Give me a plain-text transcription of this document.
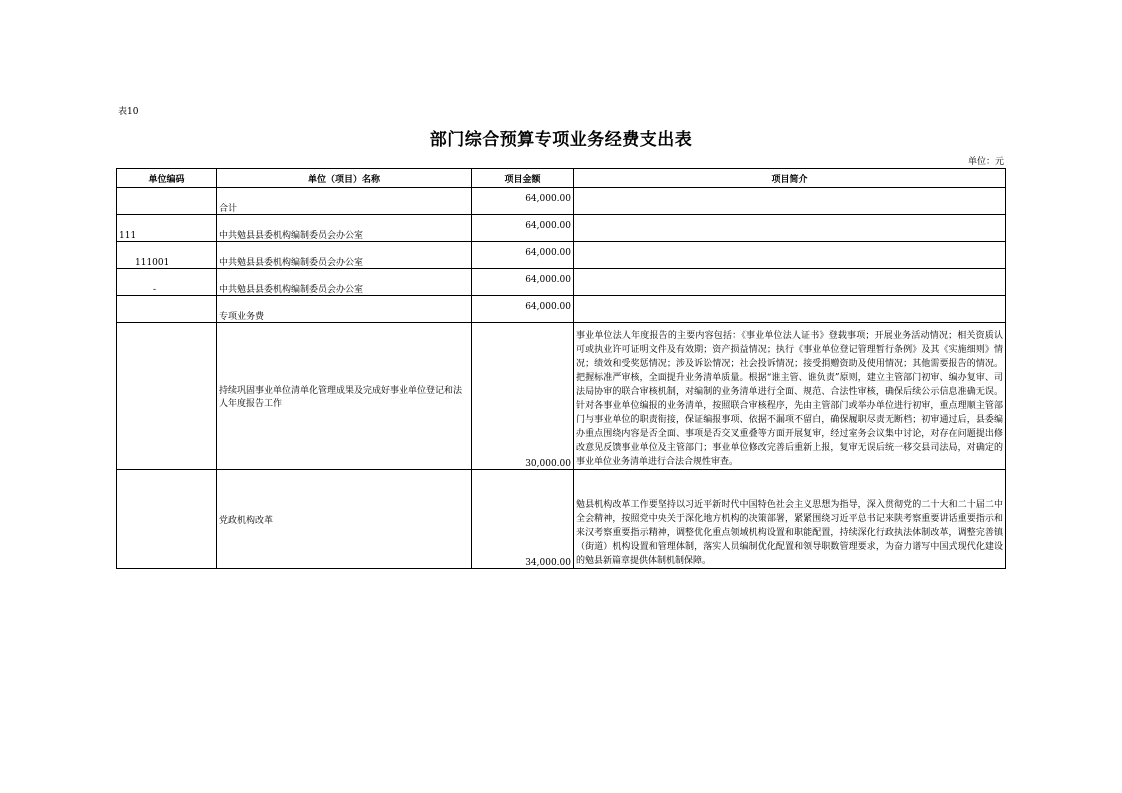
表10
部门综合预算专项业务经费支出表
单位：元
单位编码	单位（项目）名称	项目金额	项目简介
	合计	64,000.00	
111	中共勉县县委机构编制委员会办公室	64,000.00	
111001	中共勉县县委机构编制委员会办公室	64,000.00	
-	中共勉县县委机构编制委员会办公室	64,000.00	
	专项业务费	64,000.00	
	持续巩固事业单位清单化管理成果及完成好事业单位登记和法人年度报告工作	30,000.00	事业单位法人年度报告的主要内容包括：《事业单位法人证书》登载事项；开展业务活动情况；相关资质认可或执业许可证明文件及有效期；资产损益情况；执行《事业单位登记管理暂行条例》及其《实施细则》情况；绩效和受奖惩情况；涉及诉讼情况；社会投诉情况；接受捐赠资助及使用情况；其他需要报告的情况。把握标准严审核，全面提升业务清单质量。根据“谁主管、谁负责”原则，建立主管部门初审、编办复审、司法局协审的联合审核机制，对编制的业务清单进行全面、规范、合法性审核，确保后续公示信息准确无误。针对各事业单位编报的业务清单，按照联合审核程序，先由主管部门或举办单位进行初审，重点理顺主管部门与事业单位的职责衔接，保证编报事项、依据不漏项不留白，确保履职尽责无断档；初审通过后，县委编办重点围绕内容是否全面、事项是否交叉重叠等方面开展复审，经过室务会议集中讨论，对存在问题提出修改意见反馈事业单位及主管部门；事业单位修改完善后重新上报，复审无误后统一移交县司法局，对确定的事业单位业务清单进行合法合规性审查。
	党政机构改革	34,000.00	勉县机构改革工作要坚持以习近平新时代中国特色社会主义思想为指导，深入贯彻党的二十大和二十届二中全会精神，按照党中央关于深化地方机构的决策部署，紧紧围绕习近平总书记来陕考察重要讲话重要指示和来汉考察重要指示精神，调整优化重点领域机构设置和职能配置，持续深化行政执法体制改革，调整完善镇（街道）机构设置和管理体制，落实人员编制优化配置和领导职数管理要求，为奋力谱写中国式现代化建设的勉县新篇章提供体制机制保障。
